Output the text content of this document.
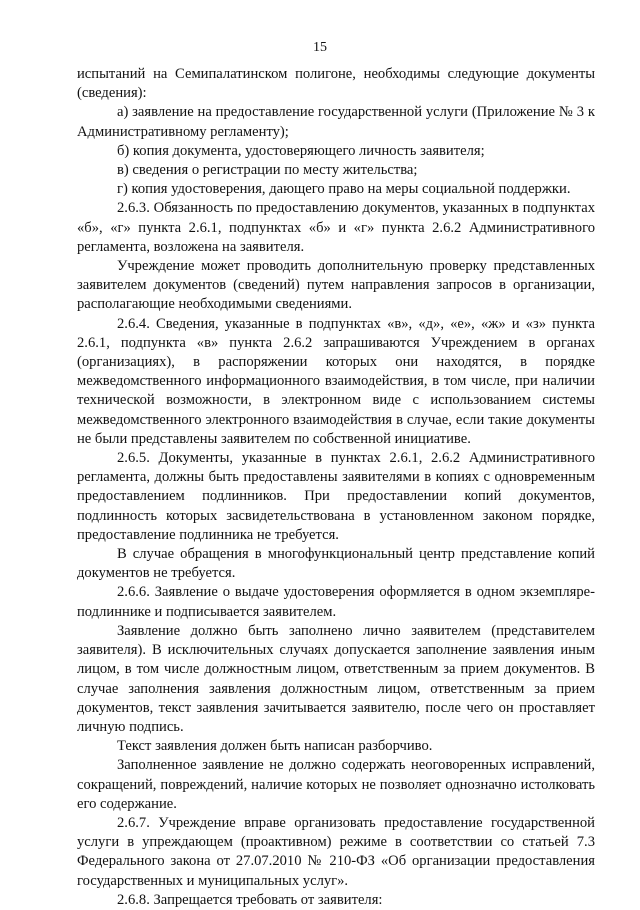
15

испытаний на Семипалатинском полигоне, необходимы следующие документы (сведения):

а) заявление на предоставление государственной услуги (Приложение № 3 к Административному регламенту);

б) копия документа, удостоверяющего личность заявителя;

в) сведения о регистрации по месту жительства;

г) копия удостоверения, дающего право на меры социальной поддержки.

2.6.3. Обязанность по предоставлению документов, указанных в подпунктах «б», «г» пункта 2.6.1, подпунктах «б» и «г» пункта 2.6.2 Административного регламента, возложена на заявителя.

Учреждение может проводить дополнительную проверку представленных заявителем документов (сведений) путем направления запросов в организации, располагающие необходимыми сведениями.

2.6.4. Сведения, указанные в подпунктах «в», «д», «е», «ж» и «з» пункта 2.6.1, подпункта «в» пункта 2.6.2 запрашиваются Учреждением в органах (организациях), в распоряжении которых они находятся, в порядке межведомственного информационного взаимодействия, в том числе, при наличии технической возможности, в электронном виде с использованием системы межведомственного электронного взаимодействия в случае, если такие документы не были представлены заявителем по собственной инициативе.

2.6.5. Документы, указанные в пунктах 2.6.1, 2.6.2 Административного регламента, должны быть предоставлены заявителями в копиях с одновременным предоставлением подлинников. При предоставлении копий документов, подлинность которых засвидетельствована в установленном законом порядке, предоставление подлинника не требуется.

В случае обращения в многофункциональный центр представление копий документов не требуется.

2.6.6. Заявление о выдаче удостоверения оформляется в одном экземпляре-подлиннике и подписывается заявителем.

Заявление должно быть заполнено лично заявителем (представителем заявителя). В исключительных случаях допускается заполнение заявления иным лицом, в том числе должностным лицом, ответственным за прием документов. В случае заполнения заявления должностным лицом, ответственным за прием документов, текст заявления зачитывается заявителю, после чего он проставляет личную подпись.

Текст заявления должен быть написан разборчиво.

Заполненное заявление не должно содержать неоговоренных исправлений, сокращений, повреждений, наличие которых не позволяет однозначно истолковать его содержание.

2.6.7. Учреждение вправе организовать предоставление государственной услуги в упреждающем (проактивном) режиме в соответствии со статьей 7.3 Федерального закона от 27.07.2010 № 210-ФЗ «Об организации предоставления государственных и муниципальных услуг».

2.6.8. Запрещается требовать от заявителя:
